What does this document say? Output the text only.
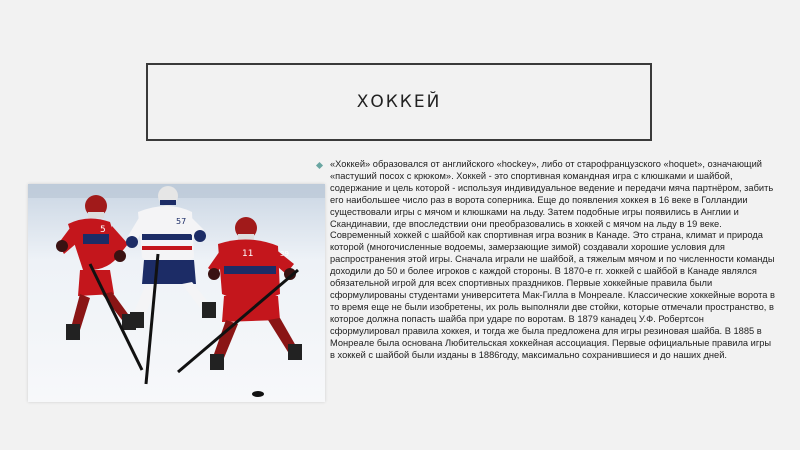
ХОККЕЙ
5
57
11	39
«Хоккей» образовался от английского «hockey», либо от старофранцузского «hoquet», означающий «пастуший посох с крюком». Хоккей - это спортивная командная игра с клюшками и шайбой, содержание и цель которой - используя индивидуальное ведение и передачи мяча партнёром, забить его наибольшее число раз в ворота соперника. Еще до появления хоккея в 16 веке в Голландии существовали игры с мячом и клюшками на льду. Затем подобные игры появились в Англии и Скандинавии, где впоследствии они преобразовались в хоккей с мячом на льду в 19 веке. Современный хоккей с шайбой как спортивная игра возник в Канаде. Это страна, климат и природа которой (многочисленные водоемы, замерзающие зимой) создавали хорошие условия для распространения этой игры. Сначала играли не шайбой, а тяжелым мячом и по численности команды доходили до 50 и более игроков с каждой стороны. В 1870-е гг. хоккей с шайбой в Канаде являлся обязательной игрой для всех спортивных праздников. Первые хоккейные правила были сформулированы студентами университета Мак-Гилла в Монреале. Классические хоккейные ворота в то время еще не были изобретены, их роль выполняли две стойки, которые отмечали пространство, в которое должна попасть шайба при ударе по воротам. В 1879 канадец У.Ф. Робертсон сформулировал правила хоккея, и тогда же была предложена для игры резиновая шайба. В 1885 в Монреале была основана Любительская хоккейная ассоциация. Первые официальные правила игры в хоккей с шайбой были изданы в 1886году, максимально сохранившиеся и до наших дней.
